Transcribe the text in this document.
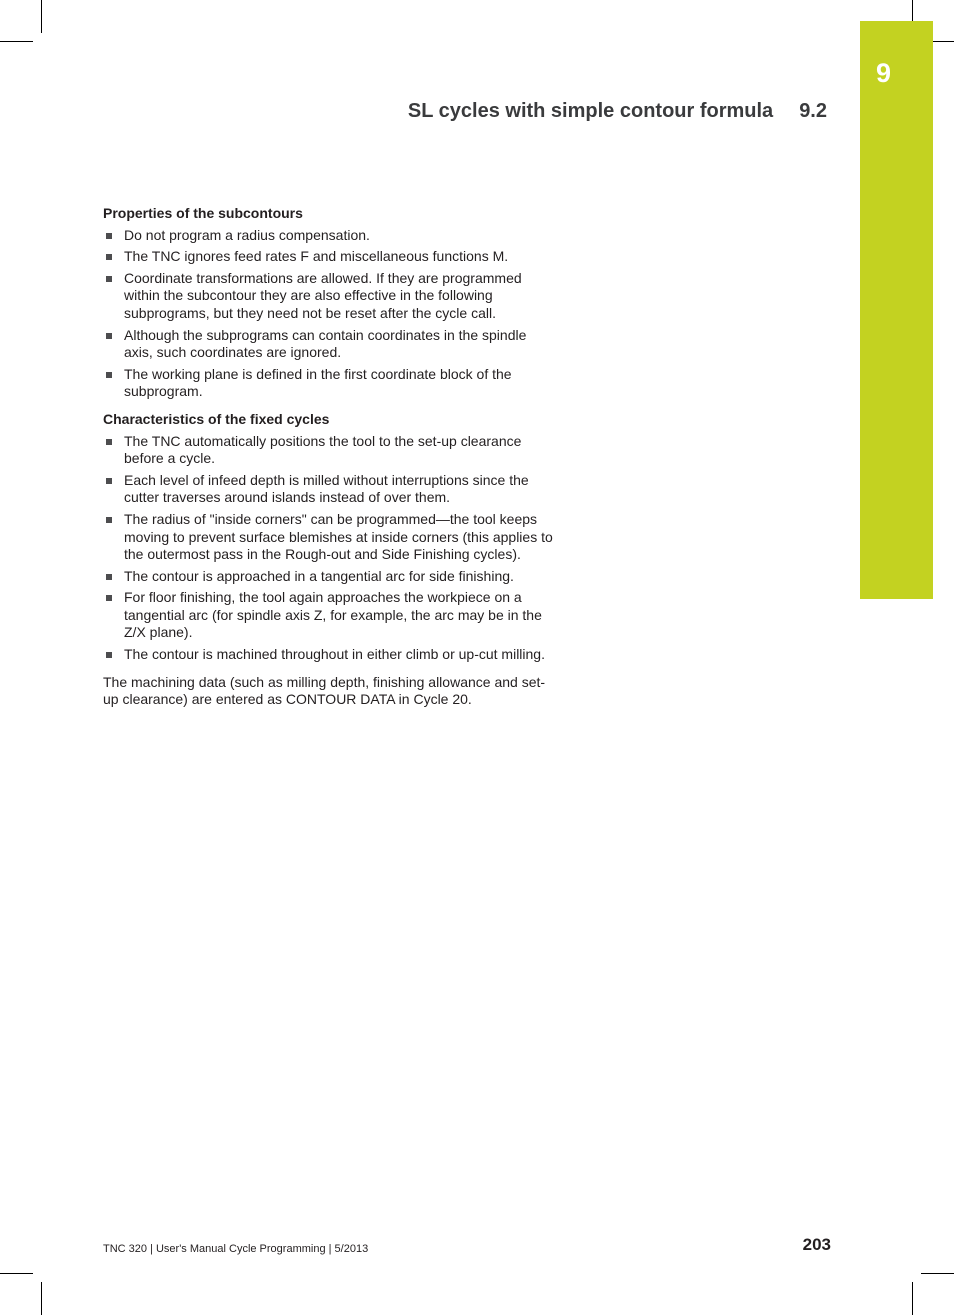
9
SL cycles with simple contour formula 9.2
Properties of the subcontours
Do not program a radius compensation.
The TNC ignores feed rates F and miscellaneous functions M.
Coordinate transformations are allowed. If they are programmed within the subcontour they are also effective in the following subprograms, but they need not be reset after the cycle call.
Although the subprograms can contain coordinates in the spindle axis, such coordinates are ignored.
The working plane is defined in the first coordinate block of the subprogram.
Characteristics of the fixed cycles
The TNC automatically positions the tool to the set-up clearance before a cycle.
Each level of infeed depth is milled without interruptions since the cutter traverses around islands instead of over them.
The radius of "inside corners" can be programmed—the tool keeps moving to prevent surface blemishes at inside corners (this applies to the outermost pass in the Rough-out and Side Finishing cycles).
The contour is approached in a tangential arc for side finishing.
For floor finishing, the tool again approaches the workpiece on a tangential arc (for spindle axis Z, for example, the arc may be in the Z/X plane).
The contour is machined throughout in either climb or up-cut milling.

The machining data (such as milling depth, finishing allowance and set-up clearance) are entered as CONTOUR DATA in Cycle 20.

TNC 320 | User's Manual Cycle Programming | 5/2013	203
